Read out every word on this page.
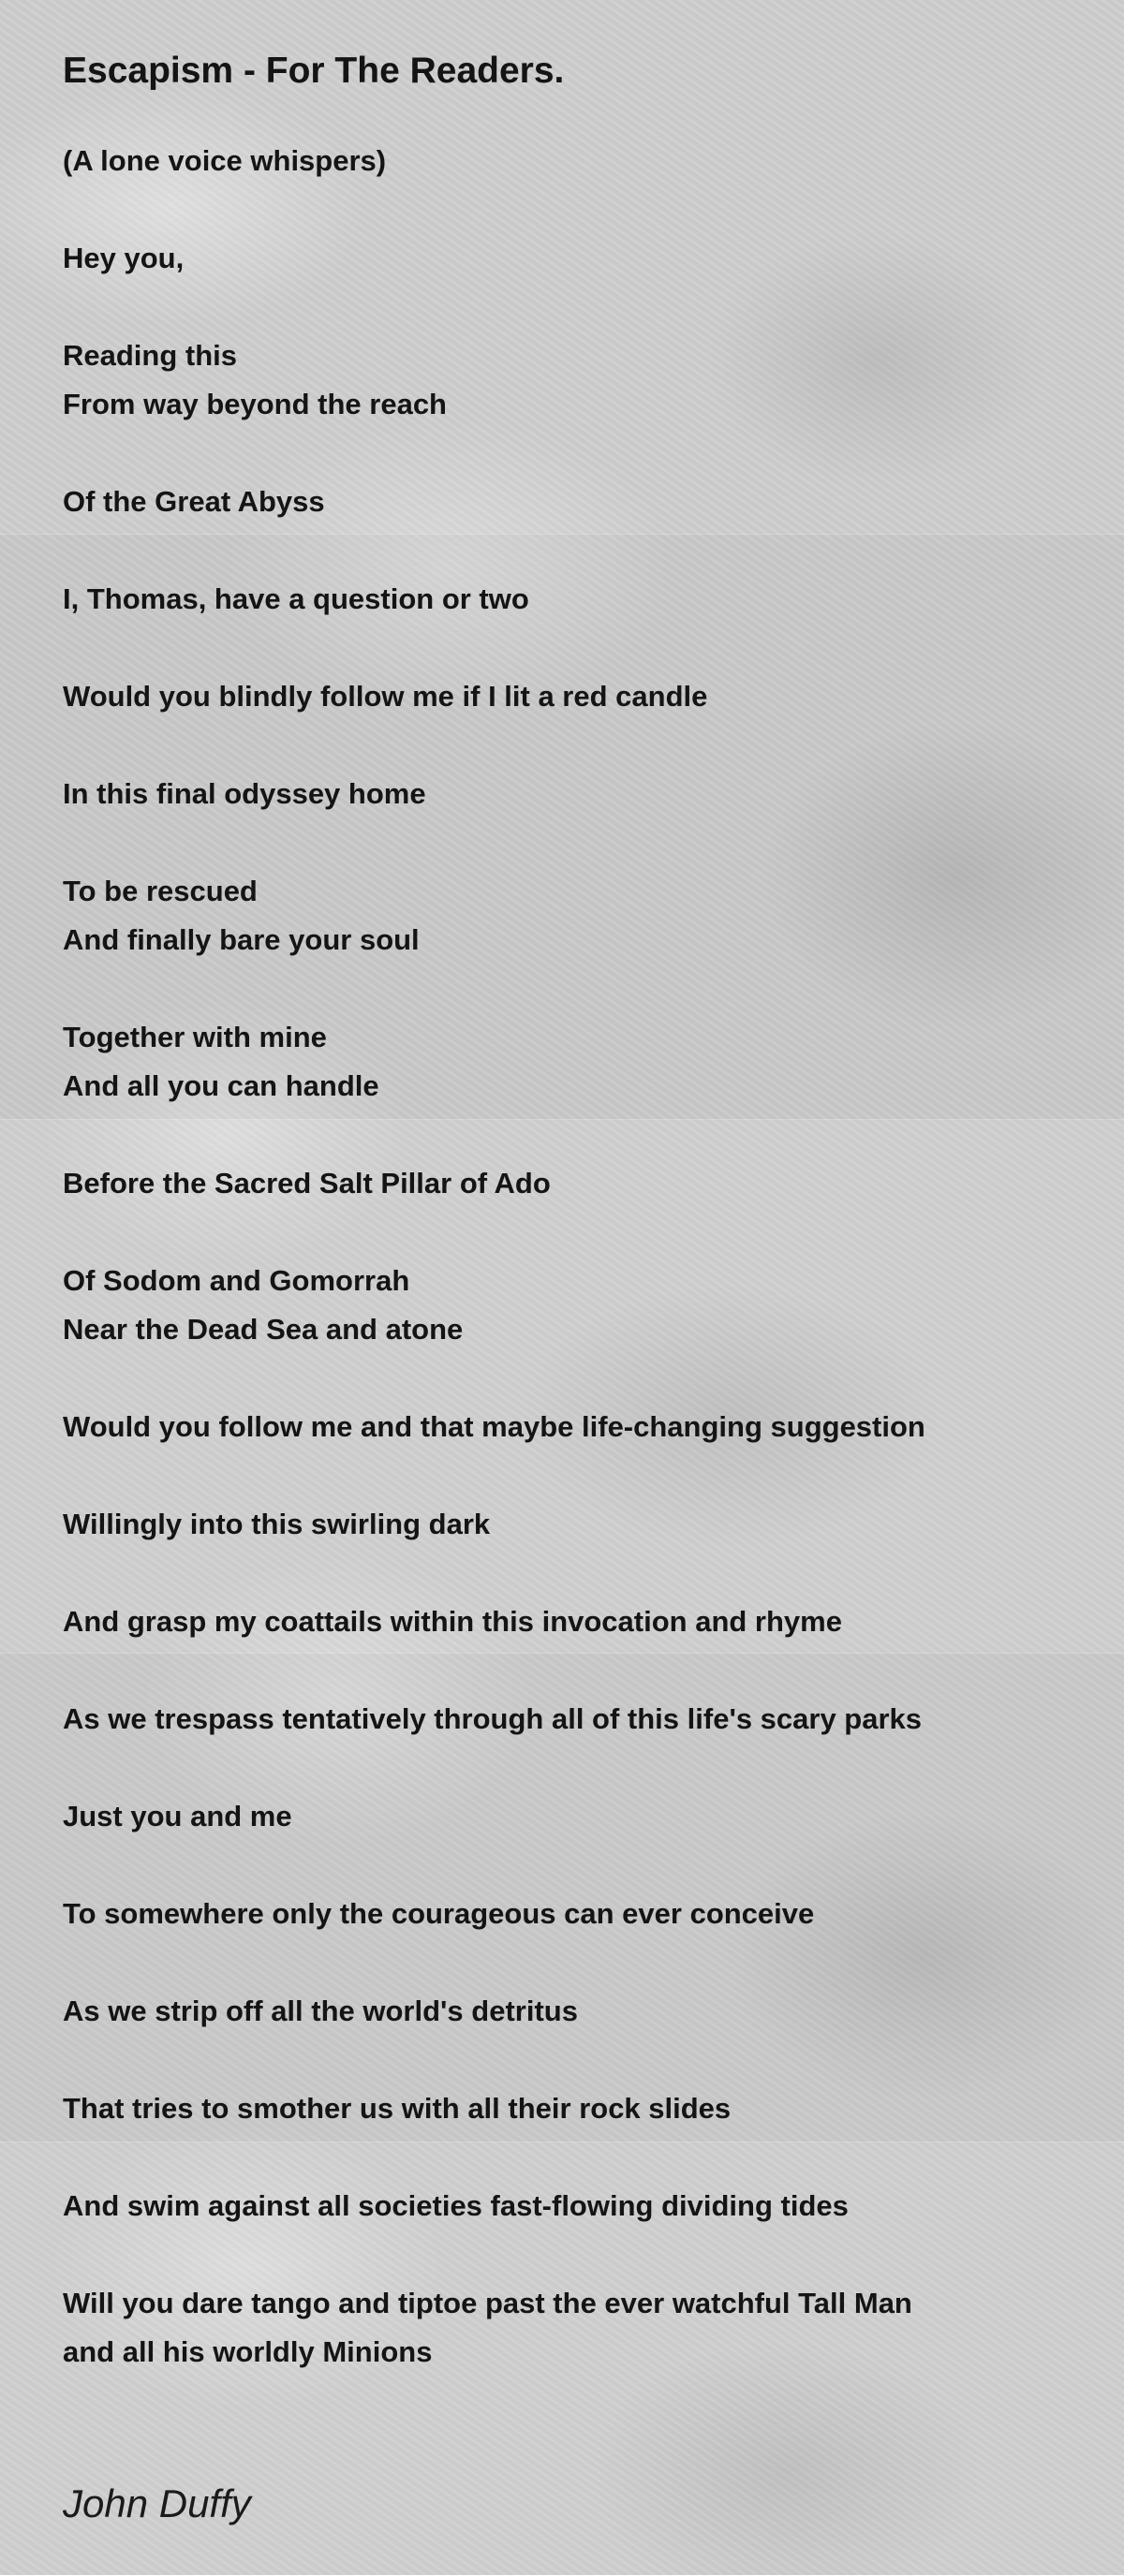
Escapism - For The Readers.
(A lone voice whispers)
Hey you,
Reading this
From way beyond the reach
Of the Great Abyss
I, Thomas, have a question or two
Would you blindly follow me if I lit a red candle
In this final odyssey home
To be rescued
And finally bare your soul
Together with mine
And all you can handle
Before the Sacred Salt Pillar of Ado
Of Sodom and Gomorrah
Near the Dead Sea and atone
Would you follow me and that maybe life-changing suggestion
Willingly into this swirling dark
And grasp my coattails within this invocation and rhyme
As we trespass tentatively through all of this life's scary parks
Just you and me
To somewhere only the courageous can ever conceive
As we strip off all the world's detritus
That tries to smother us with all their rock slides
And swim against all societies fast-flowing dividing tides
Will you dare tango and tiptoe past the ever watchful Tall Man
and all his worldly Minions
John Duffy
